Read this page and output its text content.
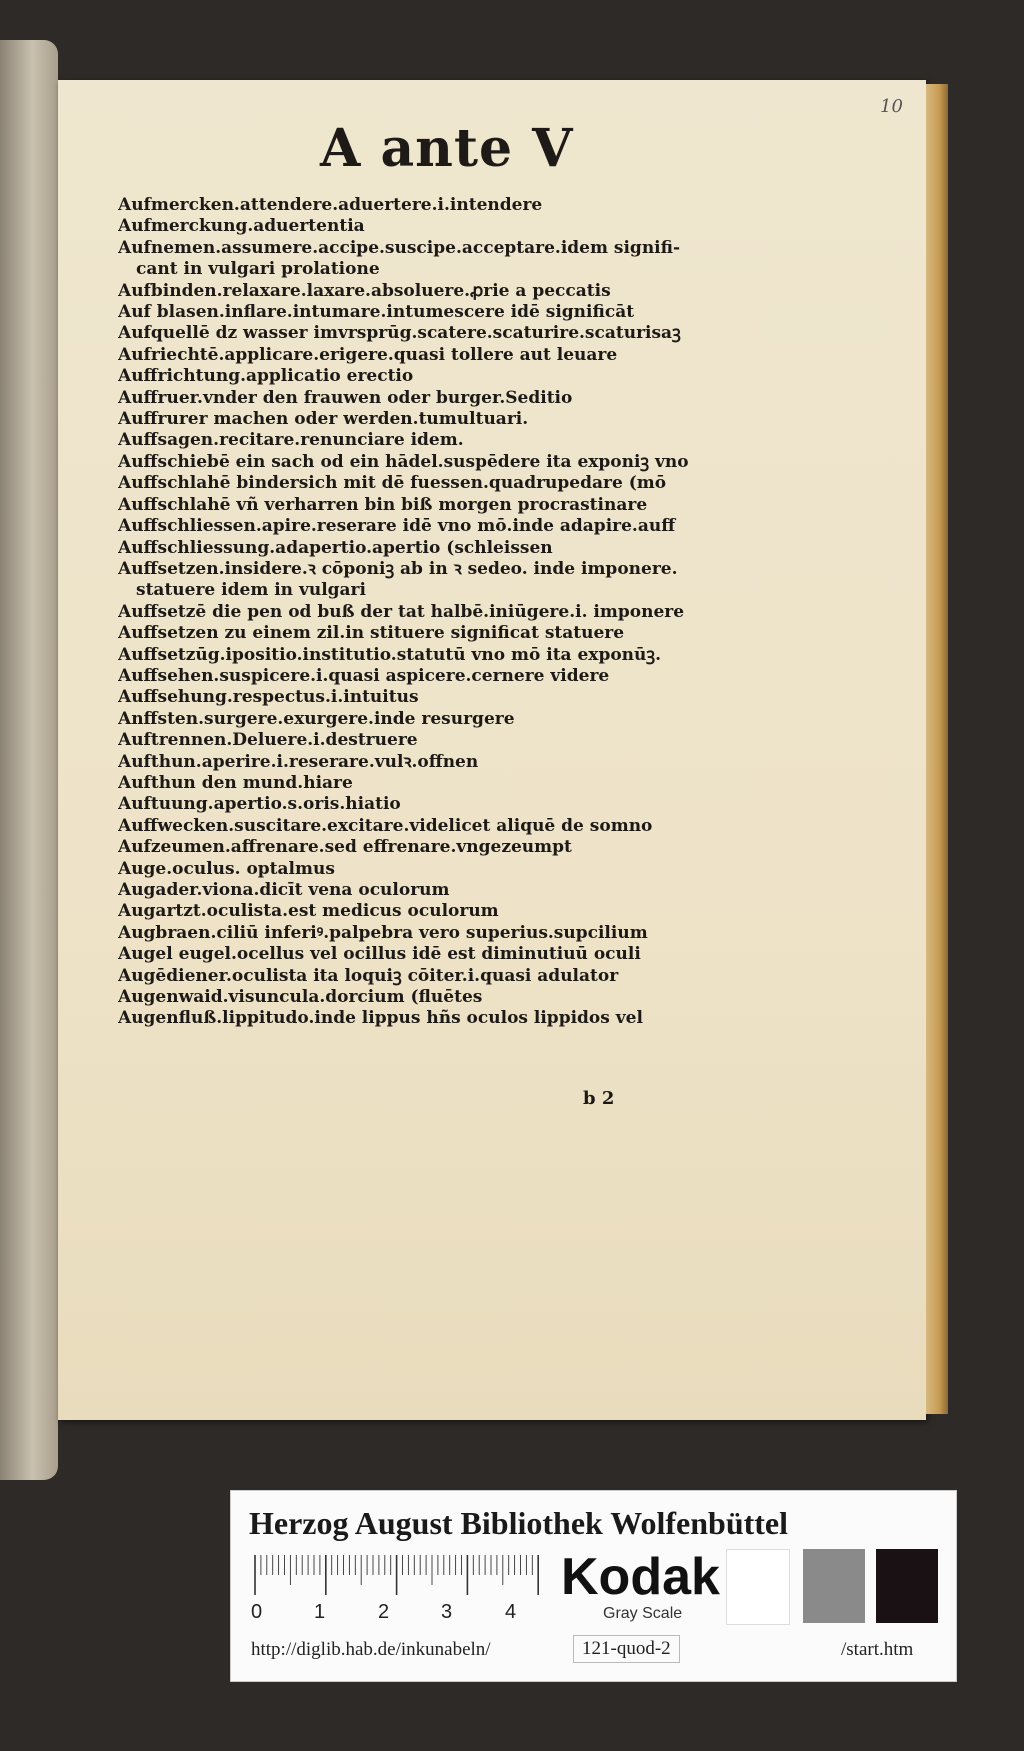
10
A ante V
Aufmercken.attendere.aduertere.i.intendere
Aufmerckung.aduertentia
Aufnemen.assumere.accipe.suscipe.acceptare.idem signifi-
cant in vulgari prolatione
Aufbinden.relaxare.laxare.absoluere.ꝓrie a peccatis
Auf blasen.inflare.intumare.intumescere idē significāt
Aufquellē dz wasser imvrsprūg.scatere.scaturire.scaturisaꝫ
Aufriechtē.applicare.erigere.quasi tollere aut leuare
Auffrichtung.applicatio erectio
Auffruer.vnder den frauwen oder burger.Seditio
Auffrurer machen oder werden.tumultuari.
Auffsagen.recitare.renunciare idem.
Auffschiebē ein sach od ein hādel.suspēdere ita exponiꝫ vno
Auffschlahē bindersich mit dē fuessen.quadrupedare (mō
Auffschlahē vñ verharren bin biß morgen procrastinare
Auffschliessen.apire.reserare idē vno mō.inde adapire.auff
Auffschliessung.adapertio.apertio (schleissen
Auffsetzen.insidere.ꝛ cōponiꝫ ab in ꝛ sedeo. inde imponere.
statuere idem in vulgari
Auffsetzē die pen od buß der tat halbē.iniūgere.i. imponere
Auffsetzen zu einem zil.in stituere significat statuere
Auffsetzūg.ipositio.institutio.statutū vno mō ita exponūꝫ.
Auffsehen.suspicere.i.quasi aspicere.cernere videre
Auffsehung.respectus.i.intuitus
Anffsten.surgere.exurgere.inde resurgere
Auftrennen.Deluere.i.destruere
Aufthun.aperire.i.reserare.vulꝛ.offnen
Aufthun den mund.hiare
Auftuung.apertio.s.oris.hiatio
Auffwecken.suscitare.excitare.videlicet aliquē de somno
Aufzeumen.affrenare.sed effrenare.vngezeumpt
Auge.oculus. optalmus
Augader.viona.dicīt vena oculorum
Augartzt.oculista.est medicus oculorum
Augbraen.ciliū inferiꝰ.palpebra vero superius.supcilium
Augel eugel.ocellus vel ocillus idē est diminutiuū oculi
Augēdiener.oculista ita loquiꝫ cōiter.i.quasi adulator
Augenwaid.visuncula.dorcium (fluētes
Augenfluß.lippitudo.inde lippus hñs oculos lippidos vel
b 2
Herzog August Bibliothek Wolfenbüttel
0	1	2	3	4
Kodak
Gray Scale
http://diglib.hab.de/inkunabeln/	121-quod-2	/start.htm
